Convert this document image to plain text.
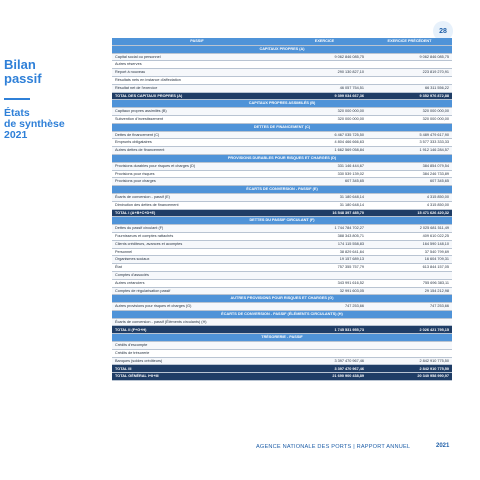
28
Bilan
passif
États
de synthèse
2021
PASSIF	EXERCICE	EXERCICE PRÉCÉDENT
CAPITAUX PROPRES (A)		
Capital social ou personnel	9 062 846 085,75	9 062 846 085,75
Autres réserves		
Report à nouveau	290 130 827,10	223 819 270,91
Résultats nets en instance d'affectation		
Résultat net de l'exercice	46 057 754,51	66 311 556,22
TOTAL DES CAPITAUX PROPRES (A)	9 399 034 667,36	9 352 976 872,88
CAPITAUX PROPRES ASSIMILÉS (B)		
Capitaux propres assimilés (B)	320 000 000,00	320 000 000,00
Subvention d'investissement	320 000 000,00	320 000 000,00
DETTES DE FINANCEMENT (C)		
Dettes de financement (C)	6 467 035 725,50	5 489 479 617,90
Emprunts obligataires	4 804 466 666,63	3 577 333 333,33
Autres dettes de financement	1 662 569 058,84	1 912 146 284,57
PROVISIONS DURABLES POUR RISQUES ET CHARGES (D)		
Provisions durables pour risques et charges (D)	331 146 444,67	384 854 079,54
Provisions pour risques	330 539 139,02	384 246 733,89
Provisions pour charges	607 345,65	607 345,65
ÉCARTS DE CONVERSION - PASSIF (E)		
Écarts de conversion - passif (E)	31 180 648,14	4 315 850,00
Diminution des dettes de financement	31 180 648,14	4 315 850,00
TOTAL I (A+B+C+D+E)	16 548 397 485,70	15 471 626 420,32
DETTES DU PASSIF CIRCULANT (F)		
Dettes du passif circulant (F)	1 744 784 702,27	2 025 681 511,49
Fournisseurs et comptes rattachés	388 343 805,71	409 610 022,25
Clients créditeurs, avances et acomptes	174 115 558,83	164 590 148,10
Personnel	38 829 641,64	37 540 799,69
Organismes sociaux	19 157 689,13	16 604 709,31
État	757 355 757,79	613 844 157,05
Comptes d'associés		
Autres créanciers	343 991 616,52	755 696 383,11
Comptes de régularisation passif	32 991 603,05	29 154 212,98
AUTRES PROVISIONS POUR RISQUES ET CHARGES (G)		
Autres provisions pour risques et charges (G)	747 253,66	747 253,66
ÉCARTS DE CONVERSION - PASSIF (ÉLÉMENTS CIRCULANTS) (H)		
Écarts de conversion - passif (Éléments circulants) (H)		
TOTAL II (F+G+H)	1 745 531 955,73	2 026 421 795,15
TRÉSORERIE - PASSIF		
Crédits d'escompte		
Crédits de trésorerie		
Banques (soldes créditeurs)	3 397 470 967,46	2 842 910 775,50
TOTAL III	3 397 470 967,46	2 842 910 775,50
TOTAL GÉNÉRAL I+II+III	21 690 900 438,89	20 340 958 990,97
AGENCE NATIONALE DES PORTS | RAPPORT ANNUEL	2021
